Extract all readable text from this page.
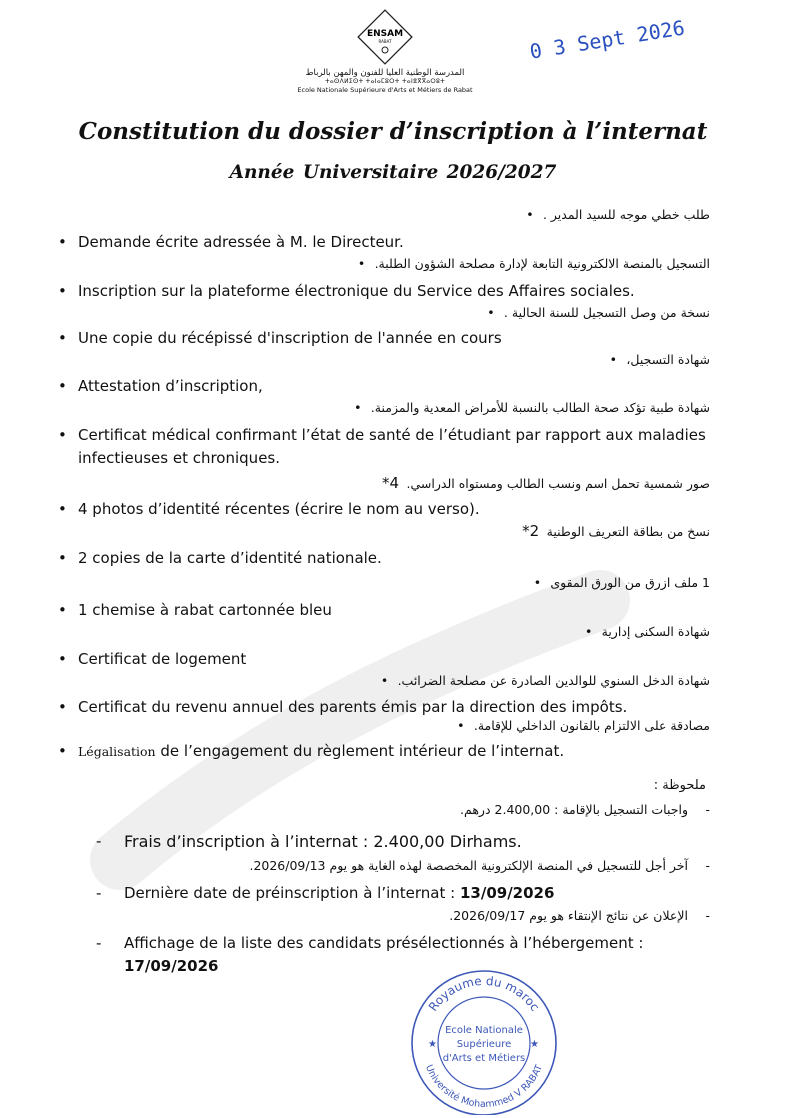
ENSAM
RABAT
المدرسة الوطنية العليا للفنون والمهن بالرباط
ⵜⴰⵙⴷⵍⵉⵙⵜ ⵜⴰⵏⴰⵎⵓⵔⵜ ⵜⴰⵏⴻⴳⴳⴰⵔⵓⵜ
Ecole Nationale Supérieure d'Arts et Métiers de Rabat
0 3 Sept 2026
Constitution du dossier d’inscription à l’internat
Année Universitaire 2026/2027
طلب خطي موجه للسيد المدير .•
• Demande écrite adressée à M. le Directeur.
التسجيل بالمنصة الالكترونية التابعة لإدارة مصلحة الشؤون الطلبة.•
• Inscription sur la plateforme électronique du Service des Affaires sociales.
نسخة من وصل التسجيل للسنة الحالية .•
• Une copie du récépissé d'inscription de l'année en cours
شهادة التسجيل،•
• Attestation d’inscription,
شهادة طبية تؤكد صحة الطالب بالنسبة للأمراض المعدية والمزمنة.•
• Certificat médical confirmant l’état de santé de l’étudiant par rapport aux maladies infectieuses et chroniques.
صور شمسية تحمل اسم ونسب الطالب ومستواه الدراسي.4*
• 4 photos d’identité récentes (écrire le nom au verso).
نسخ من بطاقة التعريف الوطنية2*
• 2 copies de la carte d’identité nationale.
1 ملف ازرق من الورق المقوى•
• 1 chemise à rabat cartonnée bleu
شهادة السكنى إدارية•
• Certificat de logement
شهادة الدخل السنوي للوالدين الصادرة عن مصلحة الضرائب.•
• Certificat du revenu annuel des parents émis par la direction des impôts.
مصادقة على الالتزام بالقانون الداخلي للإقامة.•
• Légalisation de l’engagement du règlement intérieur de l’internat.
ملحوظة :
واجبات التسجيل بالإقامة : 2.400,00 درهم. -
- Frais d’inscription à l’internat : 2.400,00 Dirhams.
آخر أجل للتسجيل في المنصة الإلكترونية المخصصة لهذه الغاية هو يوم 2026/09/13. -
- Dernière date de préinscription à l’internat : 13/09/2026
الإعلان عن نتائج الإنتقاء هو يوم 2026/09/17. -
- Affichage de la liste des candidats présélectionnés à l’hébergement : 17/09/2026
Royaume du maroc
Université Mohammed V RABAT
Ecole Nationale
Supérieure
d'Arts et Métiers
★	★
